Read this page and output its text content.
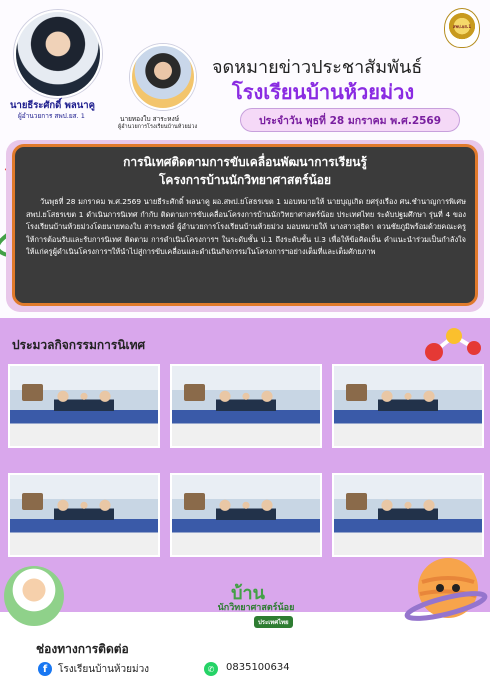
นายธีระศักดิ์ พลนาคู
ผู้อำนวยการ สพป.ยส. 1	นายทองใบ สาระหงษ์
ผู้อำนวยการโรงเรียนบ้านห้วยม่วง
สพป.ยส.1
จดหมายข่าวประชาสัมพันธ์
โรงเรียนบ้านห้วยม่วง
ประจำวัน พุธที่ 28 มกราคม พ.ศ.2569
การนิเทศติดตามการขับเคลื่อนพัฒนาการเรียนรู้
โครงการบ้านนักวิทยาศาสตร์น้อย
วันพุธที่ 28 มกราคม พ.ศ.2569 นายธีระศักดิ์ พลนาคู ผอ.สพป.ยโสธรเขต 1 มอบหมายให้ นายบุญเกิด ยศรุ่งเรือง ศน.ชำนาญการพิเศษ สพป.ยโสธรเขต 1 ดำเนินการนิเทศ กำกับ ติดตามการขับเคลื่อนโครงการบ้านนักวิทยาศาสตร์น้อย ประเทศไทย ระดับปฐมศึกษา รุ่นที่ 4 ของโรงเรียนบ้านห้วยม่วงโดยนายทองใบ สาระหงษ์ ผู้อำนวยการโรงเรียนบ้านห้วยม่วง มอบหมายให้ นางสาวสุธิดา ตวนชัยภูมิพร้อมด้วยคณะครู ให้การต้อนรับและรับการนิเทศ ติดตาม การดำเนินโครงการฯ ในระดับชั้น ป.1 ถึงระดับชั้น ป.3 เพื่อให้ข้อคิดเห็น คำแนะนำร่วมเป็นกำลังใจให้แก่ครูผู้ดำเนินโครงการฯให้นำไปสู่การขับเคลื่อนและดำเนินกิจกรรมในโครงการฯอย่างเต็มที่และเต็มศักยภาพ
ประมวลกิจกรรมการนิเทศ
บ้าน
นักวิทยาศาสตร์น้อย
ประเทศไทย
ช่องทางการติดต่อ
f	โรงเรียนบ้านห้วยม่วง	✆	0835100634
